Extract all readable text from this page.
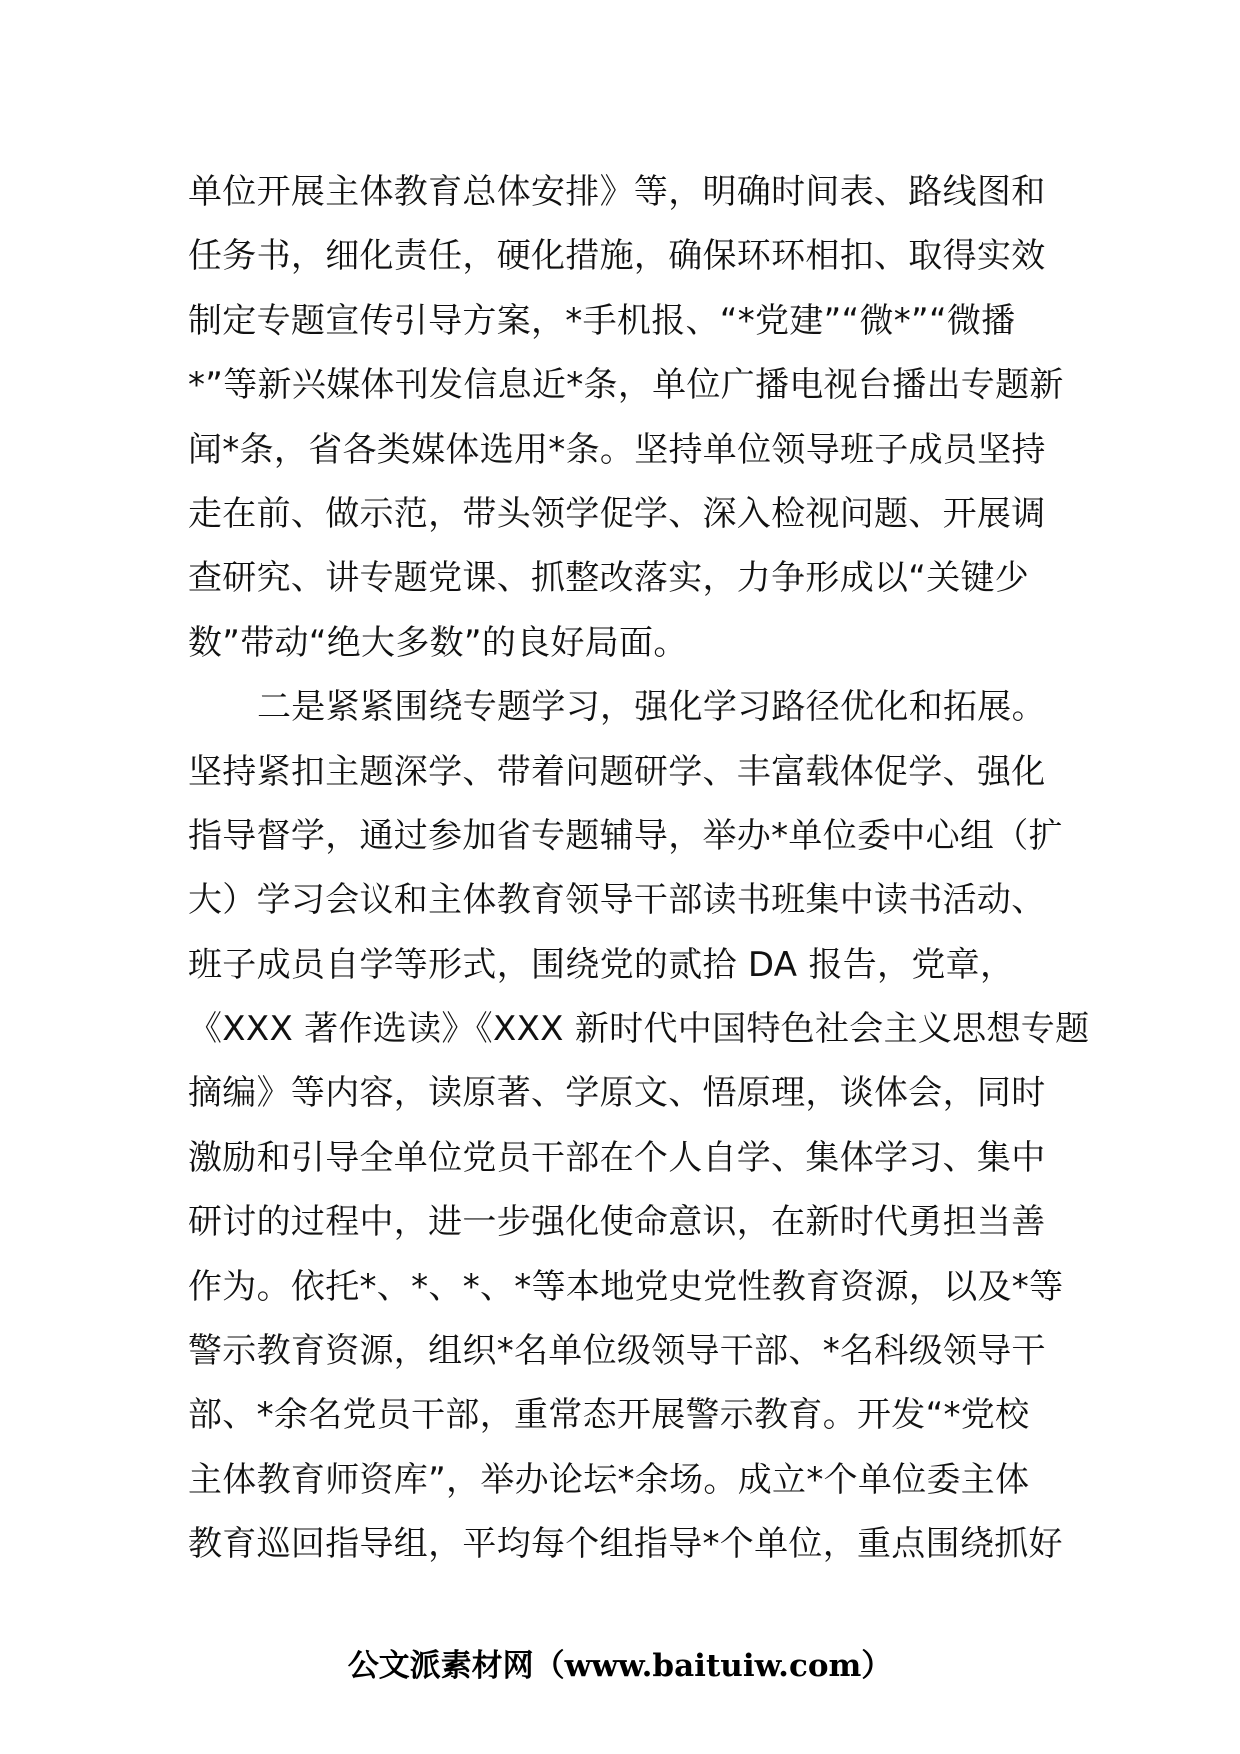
单位开展主体教育总体安排》等，明确时间表、路线图和
任务书，细化责任，硬化措施，确保环环相扣、取得实效
制定专题宣传引导方案，*手机报、“*党建”“微*”“微播
*”等新兴媒体刊发信息近*条，单位广播电视台播出专题新
闻*条，省各类媒体选用*条。坚持单位领导班子成员坚持
走在前、做示范，带头领学促学、深入检视问题、开展调
查研究、讲专题党课、抓整改落实，力争形成以“关键少
数”带动“绝大多数”的良好局面。
二是紧紧围绕专题学习，强化学习路径优化和拓展。
坚持紧扣主题深学、带着问题研学、丰富载体促学、强化
指导督学，通过参加省专题辅导，举办*单位委中心组（扩
大）学习会议和主体教育领导干部读书班集中读书活动、
班子成员自学等形式，围绕党的贰拾 DA 报告，党章，
《XXX 著作选读》《XXX 新时代中国特色社会主义思想专题
摘编》等内容，读原著、学原文、悟原理，谈体会，同时
激励和引导全单位党员干部在个人自学、集体学习、集中
研讨的过程中，进一步强化使命意识，在新时代勇担当善
作为。依托*、*、*、*等本地党史党性教育资源，以及*等
警示教育资源，组织*名单位级领导干部、*名科级领导干
部、*余名党员干部，重常态开展警示教育。开发“*党校
主体教育师资库”，举办论坛*余场。成立*个单位委主体
教育巡回指导组，平均每个组指导*个单位，重点围绕抓好
公文派素材网（www.baituiw.com）
